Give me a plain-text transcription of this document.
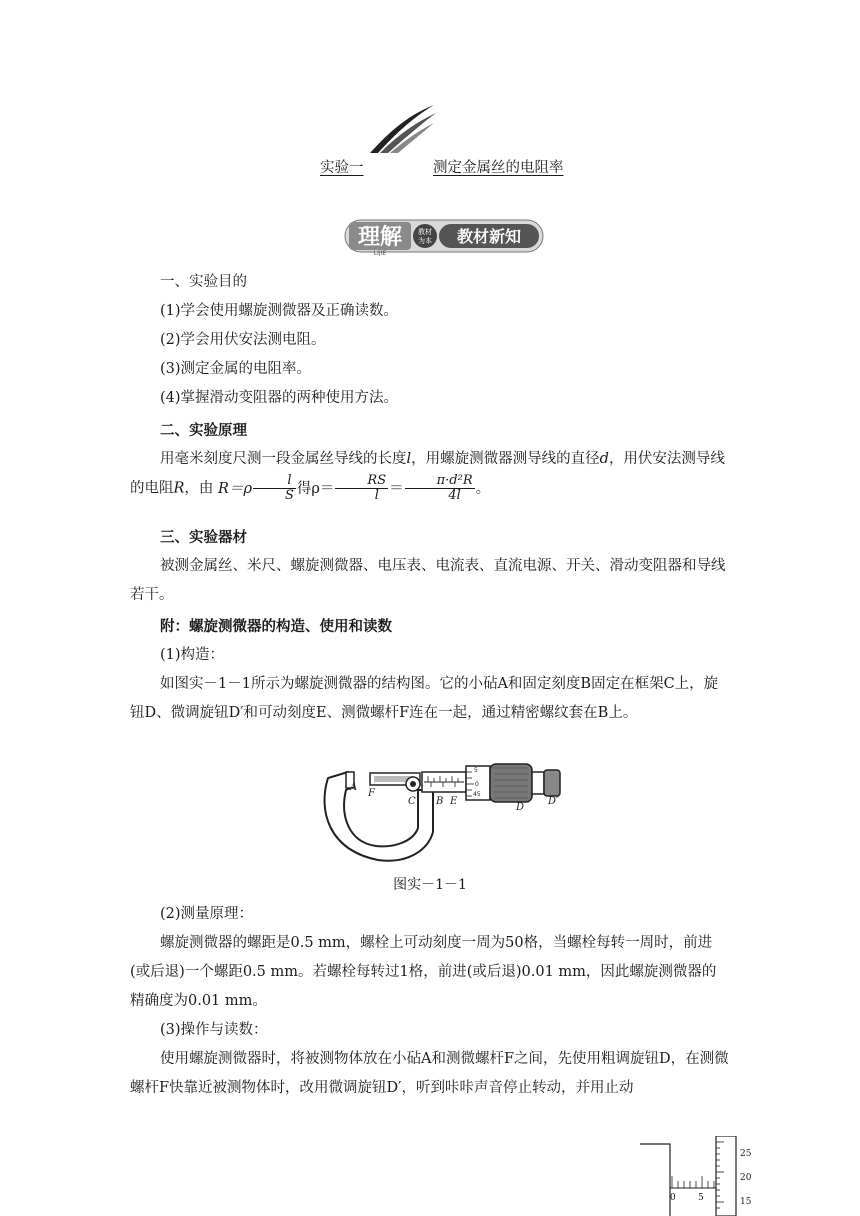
实验一	测定金属丝的电阻率
理解
LIJIE
教材
为本 教材新知

一、实验目的

(1)学会使用螺旋测微器及正确读数。

(2)学会用伏安法测电阻。

(3)测定金属的电阻率。

(4)掌握滑动变阻器的两种使用方法。

二、实验原理

用毫米刻度尺测一段金属丝导线的长度l，用螺旋测微器测导线的直径d，用伏安法测导线的电阻R，由 $R=\rho \frac{l}{S}$ 得$\rho= \frac{RS}{l} = \frac{\text{π·d²R}}{4l}$ 。

三、实验器材

被测金属丝、米尺、螺旋测微器、电压表、电流表、直流电源、开关、滑动变阻器和导线若干。

附：螺旋测微器的构造、使用和读数

(1)构造：

如图实－1－1所示为螺旋测微器的结构图。它的小砧A和固定刻度B固定在框架C上，旋钮D、微调旋钮D′和可动刻度E、测微螺杆F连在一起，通过精密螺纹套在B上。

A
F
C B E
D
D′
5
0
45
图实－1－1

(2)测量原理：

螺旋测微器的螺距是0.5 mm，螺栓上可动刻度一周为50格，当螺栓每转一周时，前进(或后退)一个螺距0.5 mm。若螺栓每转过1格，前进(或后退)0.01 mm，因此螺旋测微器的精确度为0.01 mm。

(3)操作与读数：

使用螺旋测微器时，将被测物体放在小砧A和测微螺杆F之间，先使用粗调旋钮D，在测微螺杆F快靠近被测物体时，改用微调旋钮D′，听到咔咔声音停止转动，并用止动

0 5
25
20
15
